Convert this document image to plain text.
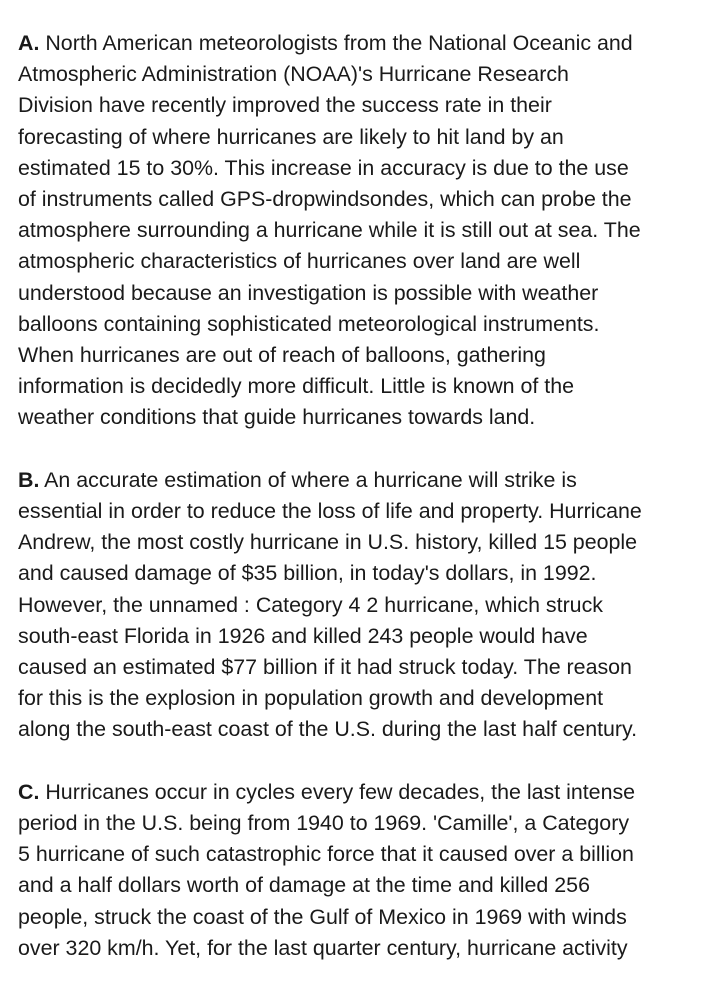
A. North American meteorologists from the National Oceanic and
Atmospheric Administration (NOAA)'s Hurricane Research
Division have recently improved the success rate in their
forecasting of where hurricanes are likely to hit land by an
estimated 15 to 30%. This increase in accuracy is due to the use
of instruments called GPS-dropwindsondes, which can probe the
atmosphere surrounding a hurricane while it is still out at sea. The
atmospheric characteristics of hurricanes over land are well
understood because an investigation is possible with weather
balloons containing sophisticated meteorological instruments.
When hurricanes are out of reach of balloons, gathering
information is decidedly more difficult. Little is known of the
weather conditions that guide hurricanes towards land.

B. An accurate estimation of where a hurricane will strike is
essential in order to reduce the loss of life and property. Hurricane
Andrew, the most costly hurricane in U.S. history, killed 15 people
and caused damage of $35 billion, in today's dollars, in 1992.
However, the unnamed : Category 4 2 hurricane, which struck
south-east Florida in 1926 and killed 243 people would have
caused an estimated $77 billion if it had struck today. The reason
for this is the explosion in population growth and development
along the south-east coast of the U.S. during the last half century.

C. Hurricanes occur in cycles every few decades, the last intense
period in the U.S. being from 1940 to 1969. 'Camille', a Category
5 hurricane of such catastrophic force that it caused over a billion
and a half dollars worth of damage at the time and killed 256
people, struck the coast of the Gulf of Mexico in 1969 with winds
over 320 km/h. Yet, for the last quarter century, hurricane activity
